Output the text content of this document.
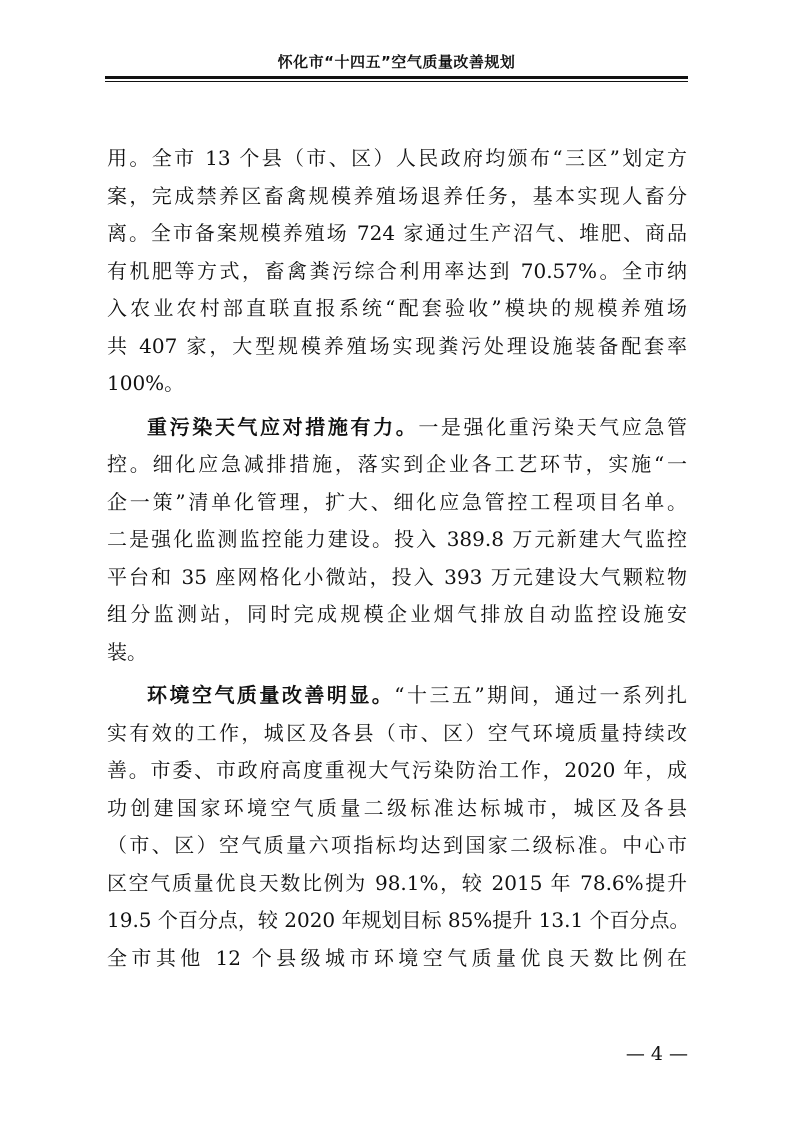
怀化市“十四五”空气质量改善规划
用。全市 13 个县（市、区）人民政府均颁布“三区”划定方
案，完成禁养区畜禽规模养殖场退养任务，基本实现人畜分
离。全市备案规模养殖场 724 家通过生产沼气、堆肥、商品
有机肥等方式，畜禽粪污综合利用率达到 70.57%。全市纳
入农业农村部直联直报系统“配套验收”模块的规模养殖场
共 407 家，大型规模养殖场实现粪污处理设施装备配套率
100%。
重污染天气应对措施有力。一是强化重污染天气应急管
控。细化应急减排措施，落实到企业各工艺环节，实施“一
企一策”清单化管理，扩大、细化应急管控工程项目名单。
二是强化监测监控能力建设。投入 389.8 万元新建大气监控
平台和 35 座网格化小微站，投入 393 万元建设大气颗粒物
组分监测站，同时完成规模企业烟气排放自动监控设施安
装。
环境空气质量改善明显。“十三五”期间，通过一系列扎
实有效的工作，城区及各县（市、区）空气环境质量持续改
善。市委、市政府高度重视大气污染防治工作，2020 年，成
功创建国家环境空气质量二级标准达标城市，城区及各县
（市、区）空气质量六项指标均达到国家二级标准。中心市
区空气质量优良天数比例为 98.1%，较 2015 年 78.6%提升
19.5 个百分点，较 2020 年规划目标 85%提升 13.1 个百分点。
全市其他 12 个县级城市环境空气质量优良天数比例在
— 4 —
